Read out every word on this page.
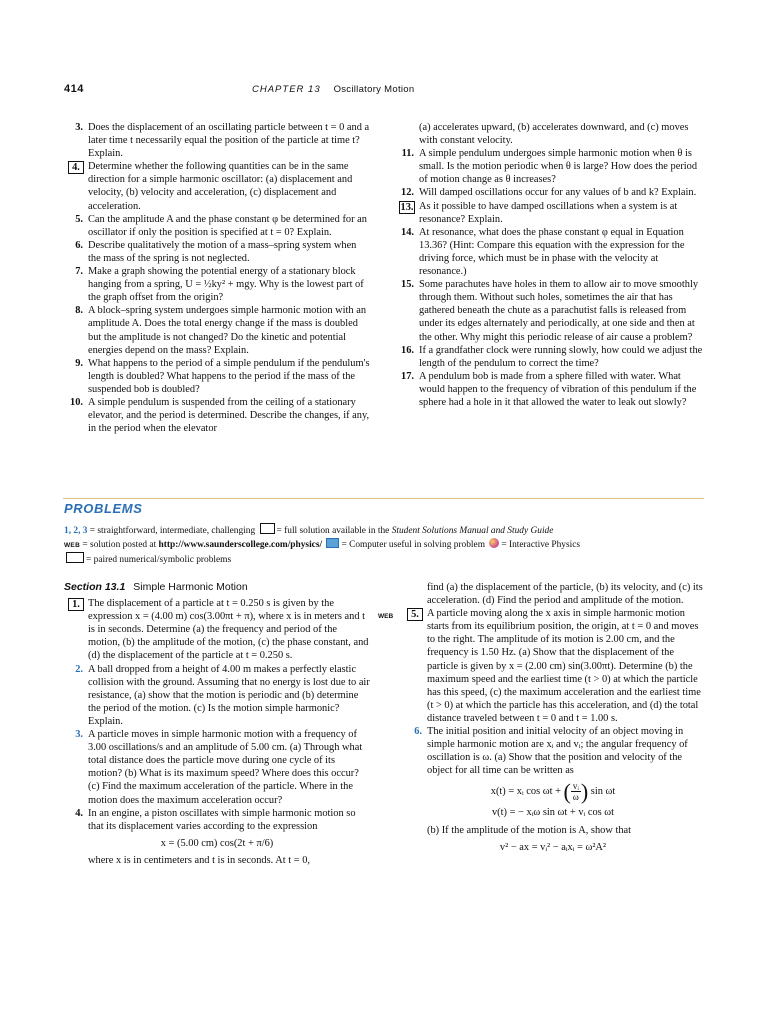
414	CHAPTER 13 Oscillatory Motion
3. Does the displacement of an oscillating particle between t = 0 and a later time t necessarily equal the position of the particle at time t? Explain.
4. Determine whether the following quantities can be in the same direction for a simple harmonic oscillator: (a) displacement and velocity, (b) velocity and acceleration, (c) displacement and acceleration.
5. Can the amplitude A and the phase constant φ be determined for an oscillator if only the position is specified at t = 0? Explain.
6. Describe qualitatively the motion of a mass–spring system when the mass of the spring is not neglected.
7. Make a graph showing the potential energy of a stationary block hanging from a spring, U = ½ky² + mgy. Why is the lowest part of the graph offset from the origin?
8. A block–spring system undergoes simple harmonic motion with an amplitude A. Does the total energy change if the mass is doubled but the amplitude is not changed? Do the kinetic and potential energies depend on the mass? Explain.
9. What happens to the period of a simple pendulum if the pendulum's length is doubled? What happens to the period if the mass of the suspended bob is doubled?
10. A simple pendulum is suspended from the ceiling of a stationary elevator, and the period is determined. Describe the changes, if any, in the period when the elevator
(a) accelerates upward, (b) accelerates downward, and (c) moves with constant velocity.
11. A simple pendulum undergoes simple harmonic motion when θ is small. Is the motion periodic when θ is large? How does the period of motion change as θ increases?
12. Will damped oscillations occur for any values of b and k? Explain.
13. As it possible to have damped oscillations when a system is at resonance? Explain.
14. At resonance, what does the phase constant φ equal in Equation 13.36? (Hint: Compare this equation with the expression for the driving force, which must be in phase with the velocity at resonance.)
15. Some parachutes have holes in them to allow air to move smoothly through them. Without such holes, sometimes the air that has gathered beneath the chute as a parachutist falls is released from under its edges alternately and periodically, at one side and then at the other. Why might this periodic release of air cause a problem?
16. If a grandfather clock were running slowly, how could we adjust the length of the pendulum to correct the time?
17. A pendulum bob is made from a sphere filled with water. What would happen to the frequency of vibration of this pendulum if the sphere had a hole in it that allowed the water to leak out slowly?
PROBLEMS
1, 2, 3 = straightforward, intermediate, challenging = full solution available in the Student Solutions Manual and Study Guide
WEB = solution posted at http://www.saunderscollege.com/physics/ = Computer useful in solving problem = Interactive Physics
= paired numerical/symbolic problems
Section 13.1 Simple Harmonic Motion
1. The displacement of a particle at t = 0.250 s is given by the expression x = (4.00 m) cos(3.00πt + π), where x is in meters and t is in seconds. Determine (a) the frequency and period of the motion, (b) the amplitude of the motion, (c) the phase constant, and (d) the displacement of the particle at t = 0.250 s.
2. A ball dropped from a height of 4.00 m makes a perfectly elastic collision with the ground. Assuming that no energy is lost due to air resistance, (a) show that the motion is periodic and (b) determine the period of the motion. (c) Is the motion simple harmonic? Explain.
3. A particle moves in simple harmonic motion with a frequency of 3.00 oscillations/s and an amplitude of 5.00 cm. (a) Through what total distance does the particle move during one cycle of its motion? (b) What is its maximum speed? Where does this occur? (c) Find the maximum acceleration of the particle. Where in the motion does the maximum acceleration occur?
4. In an engine, a piston oscillates with simple harmonic motion so that its displacement varies according to the expression
x = (5.00 cm) cos(2t + π/6)
where x is in centimeters and t is in seconds. At t = 0,
find (a) the displacement of the particle, (b) its velocity, and (c) its acceleration. (d) Find the period and amplitude of the motion.
WEB	5. A particle moving along the x axis in simple harmonic motion starts from its equilibrium position, the origin, at t = 0 and moves to the right. The amplitude of its motion is 2.00 cm, and the frequency is 1.50 Hz. (a) Show that the displacement of the particle is given by x = (2.00 cm) sin(3.00πt). Determine (b) the maximum speed and the earliest time (t > 0) at which the particle has this speed, (c) the maximum acceleration and the earliest time (t > 0) at which the particle has this acceleration, and (d) the total distance traveled between t = 0 and t = 1.00 s.
6. The initial position and initial velocity of an object moving in simple harmonic motion are xᵢ and vᵢ; the angular frequency of oscillation is ω. (a) Show that the position and velocity of the object for all time can be written as
x(t) = xᵢ cos ωt + ( $\frac{\text{vᵢ}}{\omega}$ ) sin ωt
v(t) = − xᵢω sin ωt + vᵢ cos ωt
(b) If the amplitude of the motion is A, show that
v² − ax = vᵢ² − aᵢxᵢ = ω²A²
